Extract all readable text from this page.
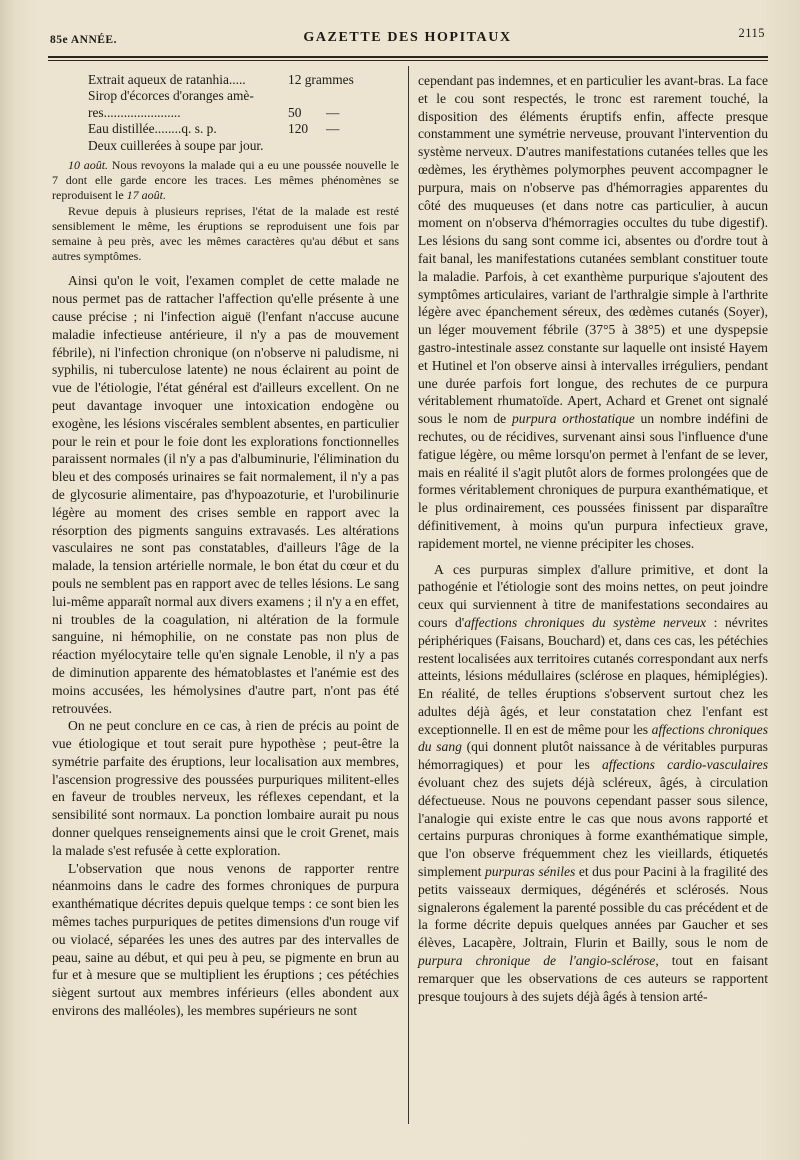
85e ANNÉE.	GAZETTE DES HOPITAUX	2115
Extrait aqueux de ratanhia.....	12 grammes
Sirop d'écorces d'oranges amè-
res.......................	50 —
Eau distillée........q. s. p.	120 —
Deux cuillerées à soupe par jour.

10 août. Nous revoyons la malade qui a eu une poussée nouvelle le 7 dont elle garde encore les traces. Les mêmes phénomènes se reproduisent le 17 août.

Revue depuis à plusieurs reprises, l'état de la malade est resté sensiblement le même, les éruptions se reproduisent une fois par semaine à peu près, avec les mêmes caractères qu'au début et sans autres symptômes.

Ainsi qu'on le voit, l'examen complet de cette malade ne nous permet pas de rattacher l'affection qu'elle présente à une cause précise ; ni l'infection aiguë (l'enfant n'accuse aucune maladie infectieuse antérieure, il n'y a pas de mouvement fébrile), ni l'infection chronique (on n'observe ni paludisme, ni syphilis, ni tuberculose latente) ne nous éclairent au point de vue de l'étiologie, l'état général est d'ailleurs excellent. On ne peut davantage invoquer une intoxication endogène ou exogène, les lésions viscérales semblent absentes, en particulier pour le rein et pour le foie dont les explorations fonctionnelles paraissent normales (il n'y a pas d'albuminurie, l'élimination du bleu et des composés urinaires se fait normalement, il n'y a pas de glycosurie alimentaire, pas d'hypoazoturie, et l'urobilinurie légère au moment des crises semble en rapport avec la résorption des pigments sanguins extravasés. Les altérations vasculaires ne sont pas constatables, d'ailleurs l'âge de la malade, la tension artérielle normale, le bon état du cœur et du pouls ne semblent pas en rapport avec de telles lésions. Le sang lui-même apparaît normal aux divers examens ; il n'y a en effet, ni troubles de la coagulation, ni altération de la formule sanguine, ni hémophilie, on ne constate pas non plus de réaction myélocytaire telle qu'en signale Lenoble, il n'y a pas de diminution apparente des hématoblastes et l'anémie est des moins accusées, les hémolysines d'autre part, n'ont pas été retrouvées.

On ne peut conclure en ce cas, à rien de précis au point de vue étiologique et tout serait pure hypothèse ; peut-être la symétrie parfaite des éruptions, leur localisation aux membres, l'ascension progressive des poussées purpuriques militent-elles en faveur de troubles nerveux, les réflexes cependant, et la sensibilité sont normaux. La ponction lombaire aurait pu nous donner quelques renseignements ainsi que le croit Grenet, mais la malade s'est refusée à cette exploration.

L'observation que nous venons de rapporter rentre néanmoins dans le cadre des formes chroniques de purpura exanthématique décrites depuis quelque temps : ce sont bien les mêmes taches purpuriques de petites dimensions d'un rouge vif ou violacé, séparées les unes des autres par des intervalles de peau, saine au début, et qui peu à peu, se pigmente en brun au fur et à mesure que se multiplient les éruptions ; ces pétéchies siègent surtout aux membres inférieurs (elles abondent aux environs des malléoles), les membres supérieurs ne sont

cependant pas indemnes, et en particulier les avant-bras. La face et le cou sont respectés, le tronc est rarement touché, la disposition des éléments éruptifs enfin, affecte presque constamment une symétrie nerveuse, prouvant l'intervention du système nerveux. D'autres manifestations cutanées telles que les œdèmes, les érythèmes polymorphes peuvent accompagner le purpura, mais on n'observe pas d'hémorragies apparentes du côté des muqueuses (et dans notre cas particulier, à aucun moment on n'observa d'hémorragies occultes du tube digestif). Les lésions du sang sont comme ici, absentes ou d'ordre tout à fait banal, les manifestations cutanées semblant constituer toute la maladie. Parfois, à cet exanthème purpurique s'ajoutent des symptômes articulaires, variant de l'arthralgie simple à l'arthrite légère avec épanchement séreux, des œdèmes cutanés (Soyer), un léger mouvement fébrile (37°5 à 38°5) et une dyspepsie gastro-intestinale assez constante sur laquelle ont insisté Hayem et Hutinel et l'on observe ainsi à intervalles irréguliers, pendant une durée parfois fort longue, des rechutes de ce purpura véritablement rhumatoïde. Apert, Achard et Grenet ont signalé sous le nom de purpura orthostatique un nombre indéfini de rechutes, ou de récidives, survenant ainsi sous l'influence d'une fatigue légère, ou même lorsqu'on permet à l'enfant de se lever, mais en réalité il s'agit plutôt alors de formes prolongées que de formes véritablement chroniques de purpura exanthématique, et le plus ordinairement, ces poussées finissent par disparaître définitivement, à moins qu'un purpura infectieux grave, rapidement mortel, ne vienne précipiter les choses.

A ces purpuras simplex d'allure primitive, et dont la pathogénie et l'étiologie sont des moins nettes, on peut joindre ceux qui surviennent à titre de manifestations secondaires au cours d'affections chroniques du système nerveux : névrites périphériques (Faisans, Bouchard) et, dans ces cas, les pétéchies restent localisées aux territoires cutanés correspondant aux nerfs atteints, lésions médullaires (sclérose en plaques, hémiplégies). En réalité, de telles éruptions s'observent surtout chez les adultes déjà âgés, et leur constatation chez l'enfant est exceptionnelle. Il en est de même pour les affections chroniques du sang (qui donnent plutôt naissance à de véritables purpuras hémorragiques) et pour les affections cardio-vasculaires évoluant chez des sujets déjà scléreux, âgés, à circulation défectueuse. Nous ne pouvons cependant passer sous silence, l'analogie qui existe entre le cas que nous avons rapporté et certains purpuras chroniques à forme exanthématique simple, que l'on observe fréquemment chez les vieillards, étiquetés simplement purpuras séniles et dus pour Pacini à la fragilité des petits vaisseaux dermiques, dégénérés et sclérosés. Nous signalerons également la parenté possible du cas précédent et de la forme décrite depuis quelques années par Gaucher et ses élèves, Lacapère, Joltrain, Flurin et Bailly, sous le nom de purpura chronique de l'angio-sclérose, tout en faisant remarquer que les observations de ces auteurs se rapportent presque toujours à des sujets déjà âgés à tension arté-
